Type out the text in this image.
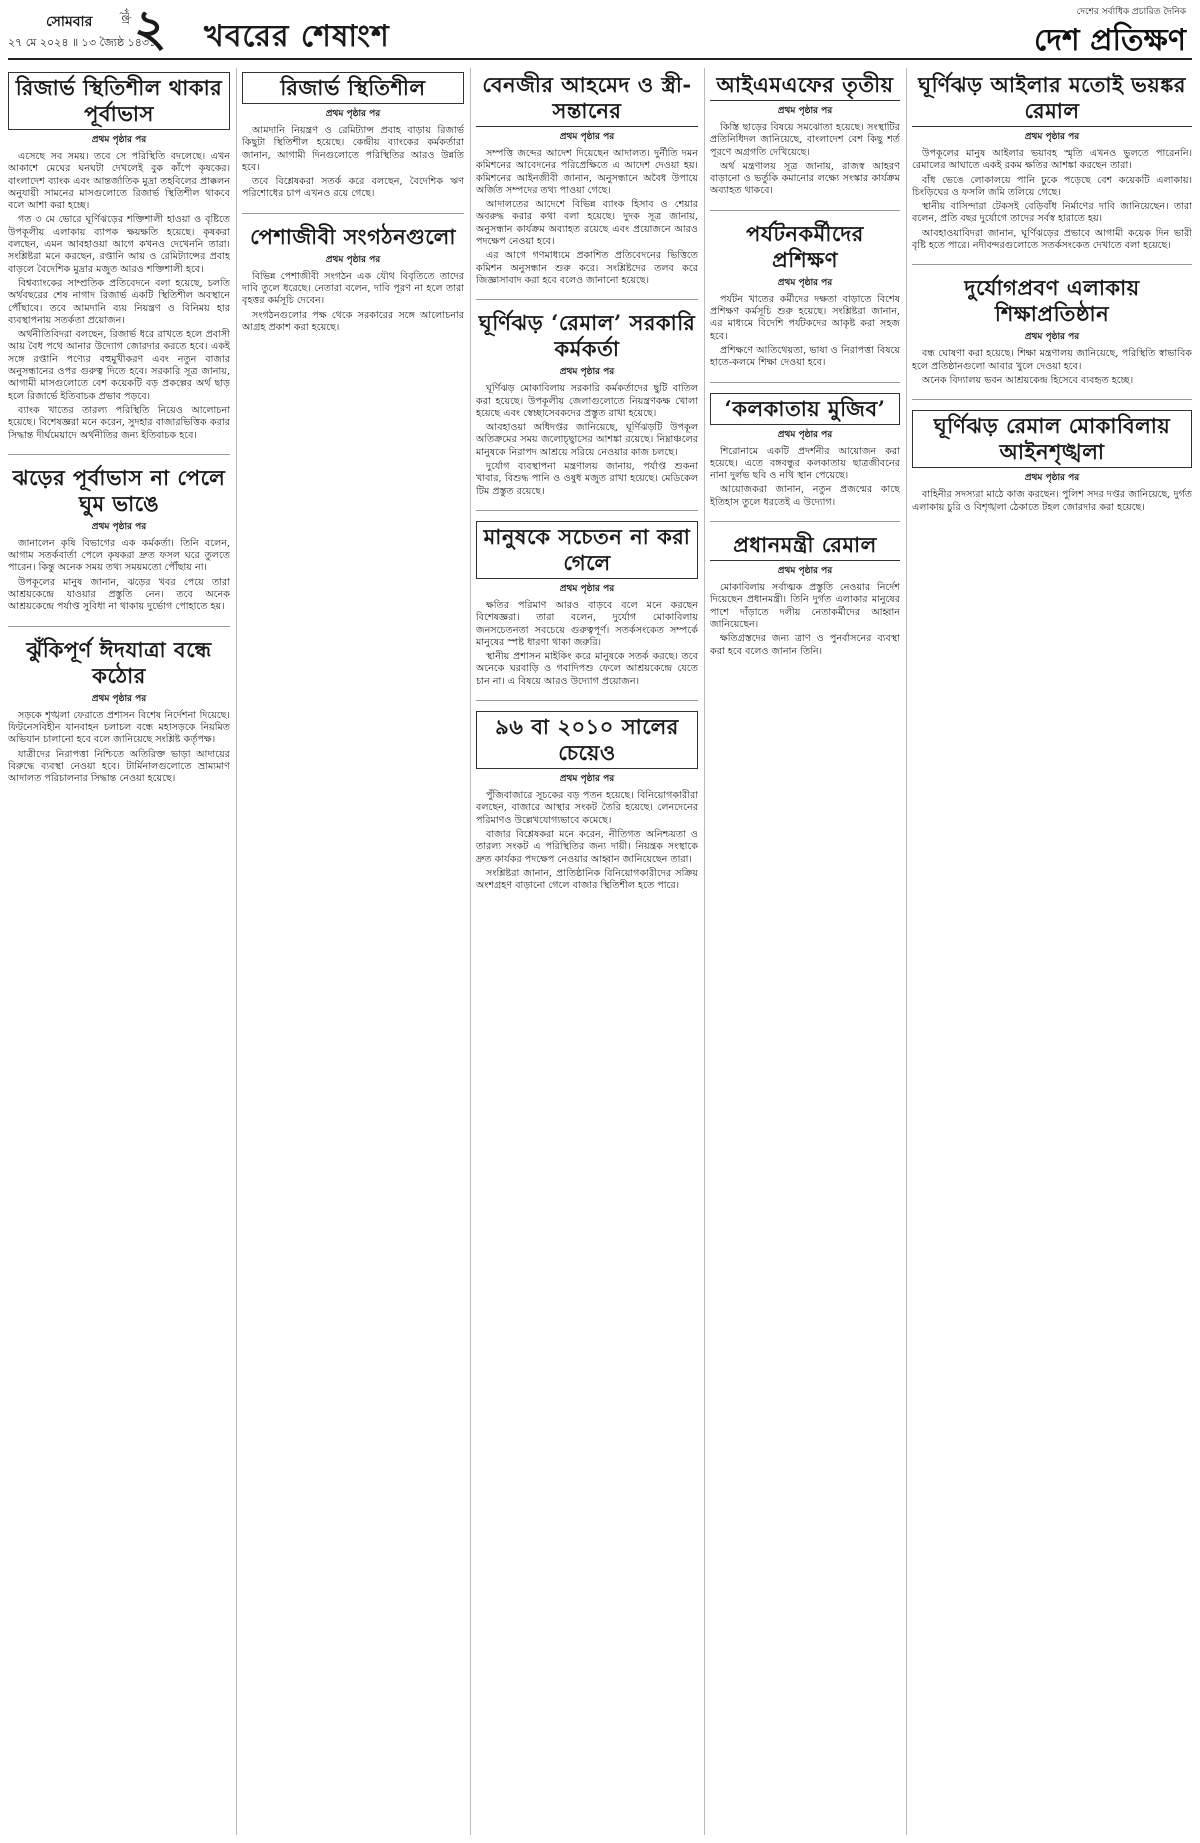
সোমবার
২৭ মে ২০২৪ ॥ ১৩ জ্যৈষ্ঠ ১৪৩১
পৃষ্ঠা ২ খবরের শেষাংশ
দেশের সর্বাধিক প্রচারিত দৈনিক
দেশ প্রতিক্ষণ
রিজার্ভ স্থিতিশীল থাকার পূর্বাভাস
প্রথম পৃষ্ঠার পর

এসেছে সব সময়। তবে সে পরিস্থিতি বদলেছে। এখন আকাশে মেঘের ঘনঘটা দেখলেই বুক কাঁপে কৃষকের। বাংলাদেশ ব্যাংক এবং আন্তর্জাতিক মুদ্রা তহবিলের প্রাক্কলন অনুযায়ী সামনের মাসগুলোতে রিজার্ভ স্থিতিশীল থাকবে বলে আশা করা হচ্ছে।

গত ৩ মে ভোরে ঘূর্ণিঝড়ের শক্তিশালী হাওয়া ও বৃষ্টিতে উপকূলীয় এলাকায় ব্যাপক ক্ষয়ক্ষতি হয়েছে। কৃষকরা বলছেন, এমন আবহাওয়া আগে কখনও দেখেননি তারা। সংশ্লিষ্টরা মনে করছেন, রপ্তানি আয় ও রেমিট্যান্সের প্রবাহ বাড়লে বৈদেশিক মুদ্রার মজুত আরও শক্তিশালী হবে।

বিশ্বব্যাংকের সাম্প্রতিক প্রতিবেদনে বলা হয়েছে, চলতি অর্থবছরের শেষ নাগাদ রিজার্ভ একটি স্থিতিশীল অবস্থানে পৌঁছাবে। তবে আমদানি ব্যয় নিয়ন্ত্রণ ও বিনিময় হার ব্যবস্থাপনায় সতর্কতা প্রয়োজন।

অর্থনীতিবিদরা বলছেন, রিজার্ভ ধরে রাখতে হলে প্রবাসী আয় বৈধ পথে আনার উদ্যোগ জোরদার করতে হবে। একই সঙ্গে রপ্তানি পণ্যের বহুমুখীকরণ এবং নতুন বাজার অনুসন্ধানের ওপর গুরুত্ব দিতে হবে। সরকারি সূত্র জানায়, আগামী মাসগুলোতে বেশ কয়েকটি বড় প্রকল্পের অর্থ ছাড় হলে রিজার্ভে ইতিবাচক প্রভাব পড়বে।

ব্যাংক খাতের তারল্য পরিস্থিতি নিয়েও আলোচনা হয়েছে। বিশেষজ্ঞরা মনে করেন, সুদহার বাজারভিত্তিক করার সিদ্ধান্ত দীর্ঘমেয়াদে অর্থনীতির জন্য ইতিবাচক হবে।

ঝড়ের পূর্বাভাস না পেলে ঘুম ভাঙে
প্রথম পৃষ্ঠার পর

জানালেন কৃষি বিভাগের এক কর্মকর্তা। তিনি বলেন, আগাম সতর্কবার্তা পেলে কৃষকরা দ্রুত ফসল ঘরে তুলতে পারেন। কিন্তু অনেক সময় তথ্য সময়মতো পৌঁছায় না।

উপকূলের মানুষ জানান, ঝড়ের খবর পেয়ে তারা আশ্রয়কেন্দ্রে যাওয়ার প্রস্তুতি নেন। তবে অনেক আশ্রয়কেন্দ্রে পর্যাপ্ত সুবিধা না থাকায় দুর্ভোগ পোহাতে হয়।

ঝুঁকিপূর্ণ ঈদযাত্রা বন্ধে কঠোর
প্রথম পৃষ্ঠার পর

সড়কে শৃঙ্খলা ফেরাতে প্রশাসন বিশেষ নির্দেশনা দিয়েছে। ফিটনেসবিহীন যানবাহন চলাচল বন্ধে মহাসড়কে নিয়মিত অভিযান চালানো হবে বলে জানিয়েছে সংশ্লিষ্ট কর্তৃপক্ষ।

যাত্রীদের নিরাপত্তা নিশ্চিতে অতিরিক্ত ভাড়া আদায়ের বিরুদ্ধে ব্যবস্থা নেওয়া হবে। টার্মিনালগুলোতে ভ্রাম্যমাণ আদালত পরিচালনার সিদ্ধান্ত নেওয়া হয়েছে।

রিজার্ভ স্থিতিশীল
প্রথম পৃষ্ঠার পর

আমদানি নিয়ন্ত্রণ ও রেমিট্যান্স প্রবাহ বাড়ায় রিজার্ভ কিছুটা স্থিতিশীল হয়েছে। কেন্দ্রীয় ব্যাংকের কর্মকর্তারা জানান, আগামী দিনগুলোতে পরিস্থিতির আরও উন্নতি হবে।

তবে বিশ্লেষকরা সতর্ক করে বলছেন, বৈদেশিক ঋণ পরিশোধের চাপ এখনও রয়ে গেছে।

পেশাজীবী সংগঠনগুলো
প্রথম পৃষ্ঠার পর

বিভিন্ন পেশাজীবী সংগঠন এক যৌথ বিবৃতিতে তাদের দাবি তুলে ধরেছে। নেতারা বলেন, দাবি পূরণ না হলে তারা বৃহত্তর কর্মসূচি দেবেন।

সংগঠনগুলোর পক্ষ থেকে সরকারের সঙ্গে আলোচনার আগ্রহ প্রকাশ করা হয়েছে।

বেনজীর আহমেদ ও স্ত্রী-সন্তানের
প্রথম পৃষ্ঠার পর

সম্পত্তি জব্দের আদেশ দিয়েছেন আদালত। দুর্নীতি দমন কমিশনের আবেদনের পরিপ্রেক্ষিতে এ আদেশ দেওয়া হয়। কমিশনের আইনজীবী জানান, অনুসন্ধানে অবৈধ উপায়ে অর্জিত সম্পদের তথ্য পাওয়া গেছে।

আদালতের আদেশে বিভিন্ন ব্যাংক হিসাব ও শেয়ার অবরুদ্ধ করার কথা বলা হয়েছে। দুদক সূত্র জানায়, অনুসন্ধান কার্যক্রম অব্যাহত রয়েছে এবং প্রয়োজনে আরও পদক্ষেপ নেওয়া হবে।

এর আগে গণমাধ্যমে প্রকাশিত প্রতিবেদনের ভিত্তিতে কমিশন অনুসন্ধান শুরু করে। সংশ্লিষ্টদের তলব করে জিজ্ঞাসাবাদ করা হবে বলেও জানানো হয়েছে।

ঘূর্ণিঝড় ‘রেমাল’ সরকারি কর্মকর্তা
প্রথম পৃষ্ঠার পর

ঘূর্ণিঝড় মোকাবিলায় সরকারি কর্মকর্তাদের ছুটি বাতিল করা হয়েছে। উপকূলীয় জেলাগুলোতে নিয়ন্ত্রণকক্ষ খোলা হয়েছে এবং স্বেচ্ছাসেবকদের প্রস্তুত রাখা হয়েছে।

আবহাওয়া অধিদপ্তর জানিয়েছে, ঘূর্ণিঝড়টি উপকূল অতিক্রমের সময় জলোচ্ছ্বাসের আশঙ্কা রয়েছে। নিম্নাঞ্চলের মানুষকে নিরাপদ আশ্রয়ে সরিয়ে নেওয়ার কাজ চলছে।

দুর্যোগ ব্যবস্থাপনা মন্ত্রণালয় জানায়, পর্যাপ্ত শুকনা খাবার, বিশুদ্ধ পানি ও ওষুধ মজুত রাখা হয়েছে। মেডিকেল টিম প্রস্তুত রয়েছে।

মানুষকে সচেতন না করা গেলে
প্রথম পৃষ্ঠার পর

ক্ষতির পরিমাণ আরও বাড়বে বলে মনে করছেন বিশেষজ্ঞরা। তারা বলেন, দুর্যোগ মোকাবিলায় জনসচেতনতা সবচেয়ে গুরুত্বপূর্ণ। সতর্কসংকেত সম্পর্কে মানুষের স্পষ্ট ধারণা থাকা জরুরি।

স্থানীয় প্রশাসন মাইকিং করে মানুষকে সতর্ক করছে। তবে অনেকে ঘরবাড়ি ও গবাদিপশু ফেলে আশ্রয়কেন্দ্রে যেতে চান না। এ বিষয়ে আরও উদ্যোগ প্রয়োজন।

৯৬ বা ২০১০ সালের চেয়েও
প্রথম পৃষ্ঠার পর

পুঁজিবাজারে সূচকের বড় পতন হয়েছে। বিনিয়োগকারীরা বলছেন, বাজারে আস্থার সংকট তৈরি হয়েছে। লেনদেনের পরিমাণও উল্লেখযোগ্যভাবে কমেছে।

বাজার বিশ্লেষকরা মনে করেন, নীতিগত অনিশ্চয়তা ও তারল্য সংকট এ পরিস্থিতির জন্য দায়ী। নিয়ন্ত্রক সংস্থাকে দ্রুত কার্যকর পদক্ষেপ নেওয়ার আহ্বান জানিয়েছেন তারা।

সংশ্লিষ্টরা জানান, প্রাতিষ্ঠানিক বিনিয়োগকারীদের সক্রিয় অংশগ্রহণ বাড়ানো গেলে বাজার স্থিতিশীল হতে পারে।

আইএমএফের তৃতীয়
প্রথম পৃষ্ঠার পর

কিস্তি ছাড়ের বিষয়ে সমঝোতা হয়েছে। সংস্থাটির প্রতিনিধিদল জানিয়েছে, বাংলাদেশ বেশ কিছু শর্ত পূরণে অগ্রগতি দেখিয়েছে।

অর্থ মন্ত্রণালয় সূত্র জানায়, রাজস্ব আহরণ বাড়ানো ও ভর্তুকি কমানোর লক্ষ্যে সংস্কার কার্যক্রম অব্যাহত থাকবে।

পর্যটনকর্মীদের প্রশিক্ষণ
প্রথম পৃষ্ঠার পর

পর্যটন খাতের কর্মীদের দক্ষতা বাড়াতে বিশেষ প্রশিক্ষণ কর্মসূচি শুরু হয়েছে। সংশ্লিষ্টরা জানান, এর মাধ্যমে বিদেশি পর্যটকদের আকৃষ্ট করা সহজ হবে।

প্রশিক্ষণে আতিথেয়তা, ভাষা ও নিরাপত্তা বিষয়ে হাতে-কলমে শিক্ষা দেওয়া হবে।

‘কলকাতায় মুজিব’
প্রথম পৃষ্ঠার পর

শিরোনামে একটি প্রদর্শনীর আয়োজন করা হয়েছে। এতে বঙ্গবন্ধুর কলকাতায় ছাত্রজীবনের নানা দুর্লভ ছবি ও নথি স্থান পেয়েছে।

আয়োজকরা জানান, নতুন প্রজন্মের কাছে ইতিহাস তুলে ধরতেই এ উদ্যোগ।

প্রধানমন্ত্রী রেমাল
প্রথম পৃষ্ঠার পর

মোকাবিলায় সর্বাত্মক প্রস্তুতি নেওয়ার নির্দেশ দিয়েছেন প্রধানমন্ত্রী। তিনি দুর্গত এলাকার মানুষের পাশে দাঁড়াতে দলীয় নেতাকর্মীদের আহ্বান জানিয়েছেন।

ক্ষতিগ্রস্তদের জন্য ত্রাণ ও পুনর্বাসনের ব্যবস্থা করা হবে বলেও জানান তিনি।

ঘূর্ণিঝড় আইলার মতোই ভয়ঙ্কর রেমাল
প্রথম পৃষ্ঠার পর

উপকূলের মানুষ আইলার ভয়াবহ স্মৃতি এখনও ভুলতে পারেননি। রেমালের আঘাতে একই রকম ক্ষতির আশঙ্কা করছেন তারা।

বাঁধ ভেঙে লোকালয়ে পানি ঢুকে পড়েছে বেশ কয়েকটি এলাকায়। চিংড়িঘের ও ফসলি জমি তলিয়ে গেছে।

স্থানীয় বাসিন্দারা টেকসই বেড়িবাঁধ নির্মাণের দাবি জানিয়েছেন। তারা বলেন, প্রতি বছর দুর্যোগে তাদের সর্বস্ব হারাতে হয়।

আবহাওয়াবিদরা জানান, ঘূর্ণিঝড়ের প্রভাবে আগামী কয়েক দিন ভারী বৃষ্টি হতে পারে। নদীবন্দরগুলোতে সতর্কসংকেত দেখাতে বলা হয়েছে।

দুর্যোগপ্রবণ এলাকায় শিক্ষাপ্রতিষ্ঠান
প্রথম পৃষ্ঠার পর

বন্ধ ঘোষণা করা হয়েছে। শিক্ষা মন্ত্রণালয় জানিয়েছে, পরিস্থিতি স্বাভাবিক হলে প্রতিষ্ঠানগুলো আবার খুলে দেওয়া হবে।

অনেক বিদ্যালয় ভবন আশ্রয়কেন্দ্র হিসেবে ব্যবহৃত হচ্ছে।

ঘূর্ণিঝড় রেমাল মোকাবিলায় আইনশৃঙ্খলা
প্রথম পৃষ্ঠার পর

বাহিনীর সদস্যরা মাঠে কাজ করছেন। পুলিশ সদর দপ্তর জানিয়েছে, দুর্গত এলাকায় চুরি ও বিশৃঙ্খলা ঠেকাতে টহল জোরদার করা হয়েছে।
